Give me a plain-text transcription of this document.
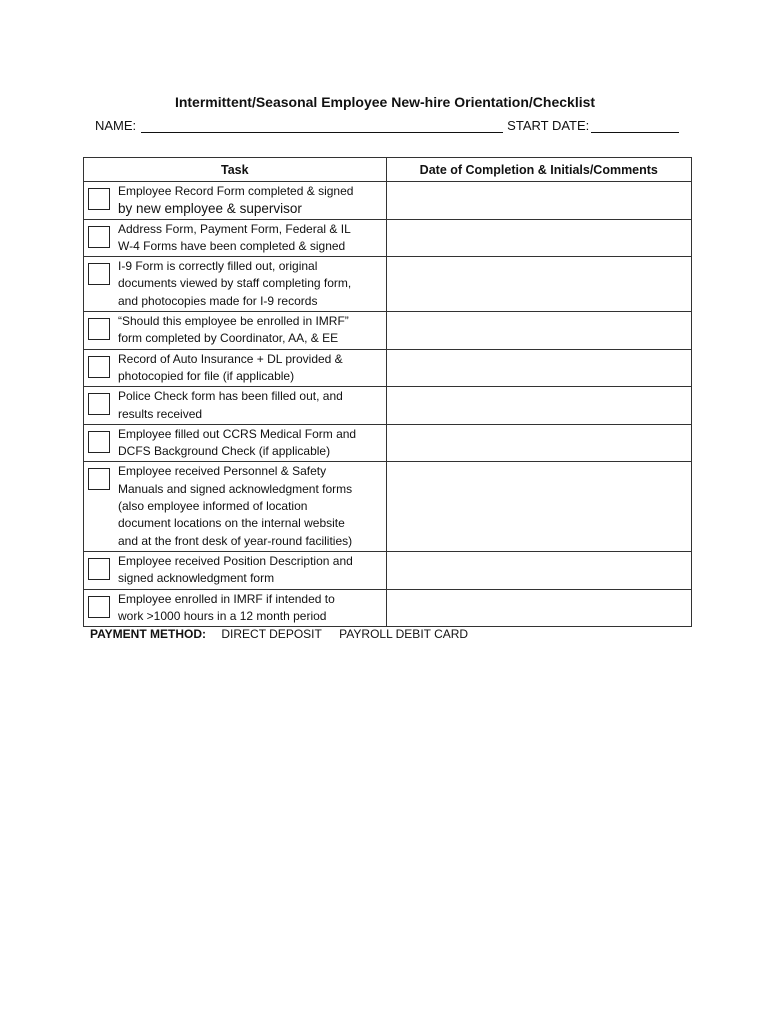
Intermittent/Seasonal Employee New-hire Orientation/Checklist
NAME:	START DATE:
Task	Date of Completion & Initials/Comments

Employee Record Form completed & signed
by new employee & supervisor	

Address Form, Payment Form, Federal & IL
W-4 Forms have been completed & signed	

I-9 Form is correctly filled out, original
documents viewed by staff completing form,
and photocopies made for I-9 records	

“Should this employee be enrolled in IMRF”
form completed by Coordinator, AA, & EE	

Record of Auto Insurance + DL provided &
photocopied for file (if applicable)	

Police Check form has been filled out, and
results received	

Employee filled out CCRS Medical Form and
DCFS Background Check (if applicable)	

Employee received Personnel & Safety
Manuals and signed acknowledgment forms
(also employee informed of location
document locations on the internal website
and at the front desk of year-round facilities)	

Employee received Position Description and
signed acknowledgment form	

Employee enrolled in IMRF if intended to
work >1000 hours in a 12 month period	

PAYMENT METHOD: DIRECT DEPOSIT PAYROLL DEBIT CARD
